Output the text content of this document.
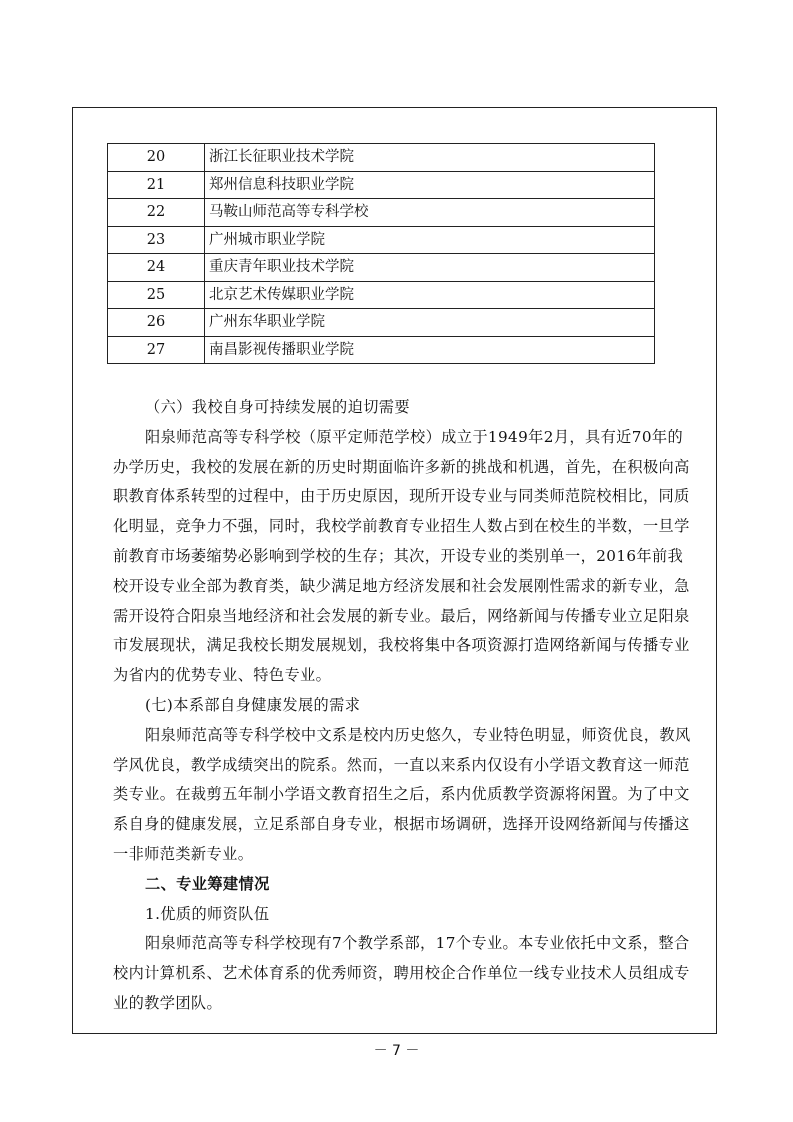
20	浙江长征职业技术学院
21	郑州信息科技职业学院
22	马鞍山师范高等专科学校
23	广州城市职业学院
24	重庆青年职业技术学院
25	北京艺术传媒职业学院
26	广州东华职业学院
27	南昌影视传播职业学院

（六）我校自身可持续发展的迫切需要

阳泉师范高等专科学校（原平定师范学校）成立于1949年2月，具有近70年的办学历史，我校的发展在新的历史时期面临许多新的挑战和机遇，首先，在积极向高职教育体系转型的过程中，由于历史原因，现所开设专业与同类师范院校相比，同质化明显，竞争力不强，同时，我校学前教育专业招生人数占到在校生的半数，一旦学前教育市场萎缩势必影响到学校的生存；其次，开设专业的类别单一，2016年前我校开设专业全部为教育类，缺少满足地方经济发展和社会发展刚性需求的新专业，急需开设符合阳泉当地经济和社会发展的新专业。最后，网络新闻与传播专业立足阳泉市发展现状，满足我校长期发展规划，我校将集中各项资源打造网络新闻与传播专业为省内的优势专业、特色专业。

(七)本系部自身健康发展的需求

阳泉师范高等专科学校中文系是校内历史悠久，专业特色明显，师资优良，教风学风优良，教学成绩突出的院系。然而，一直以来系内仅设有小学语文教育这一师范类专业。在裁剪五年制小学语文教育招生之后，系内优质教学资源将闲置。为了中文系自身的健康发展，立足系部自身专业，根据市场调研，选择开设网络新闻与传播这一非师范类新专业。

二、专业筹建情况

1.优质的师资队伍

阳泉师范高等专科学校现有7个教学系部，17个专业。本专业依托中文系，整合校内计算机系、艺术体育系的优秀师资，聘用校企合作单位一线专业技术人员组成专业的教学团队。

－ 7 －
